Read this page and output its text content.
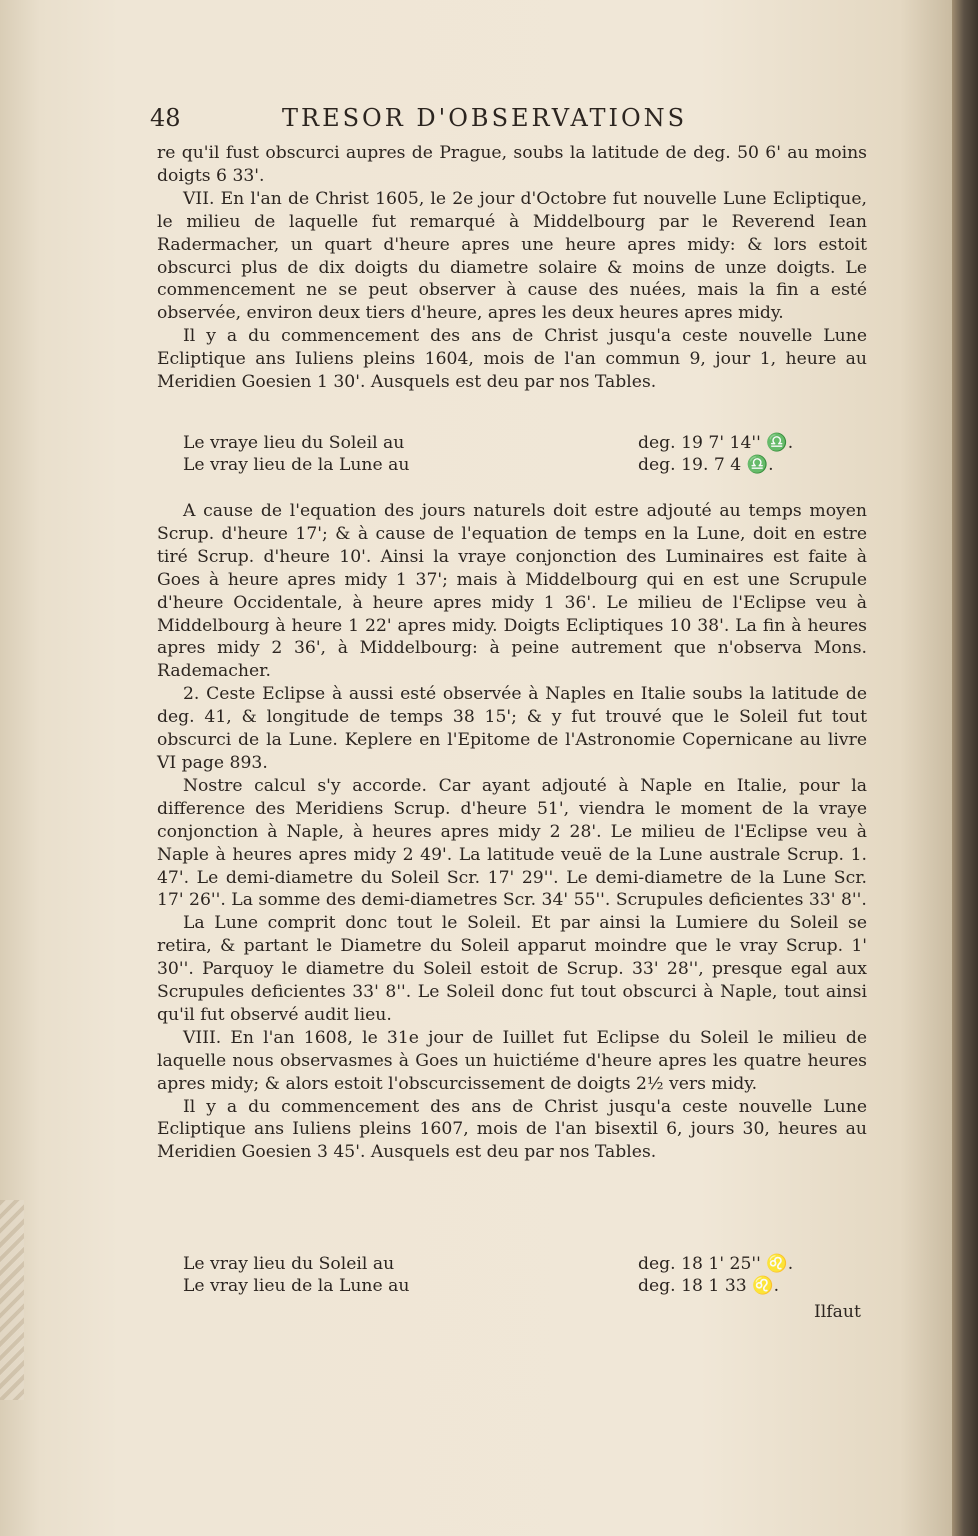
48	TRESOR D'OBSERVATIONS

re qu'il fust obscurci aupres de Prague, soubs la latitude de deg. 50 6' au moins doigts 6 33'.

VII. En l'an de Christ 1605, le 2e jour d'Octobre fut nouvelle Lune Ecliptique, le milieu de laquelle fut remarqué à Middelbourg par le Reverend Iean Radermacher, un quart d'heure apres une heure apres midy: & lors estoit obscurci plus de dix doigts du diametre solaire & moins de unze doigts. Le commencement ne se peut observer à cause des nuées, mais la fin a esté observée, environ deux tiers d'heure, apres les deux heures apres midy.

Il y a du commencement des ans de Christ jusqu'a ceste nouvelle Lune Ecliptique ans Iuliens pleins 1604, mois de l'an commun 9, jour 1, heure au Meridien Goesien 1 30'. Ausquels est deu par nos Tables.

Le vraye lieu du Soleil au	deg. 19 7' 14'' ♎.
Le vray lieu de la Lune au	deg. 19. 7 4 ♎.

A cause de l'equation des jours naturels doit estre adjouté au temps moyen Scrup. d'heure 17'; & à cause de l'equation de temps en la Lune, doit en estre tiré Scrup. d'heure 10'. Ainsi la vraye conjonction des Luminaires est faite à Goes à heure apres midy 1 37'; mais à Middelbourg qui en est une Scrupule d'heure Occidentale, à heure apres midy 1 36'. Le milieu de l'Eclipse veu à Middelbourg à heure 1 22' apres midy. Doigts Ecliptiques 10 38'. La fin à heures apres midy 2 36', à Middelbourg: à peine autrement que n'observa Mons. Rademacher.

2. Ceste Eclipse à aussi esté observée à Naples en Italie soubs la latitude de deg. 41, & longitude de temps 38 15'; & y fut trouvé que le Soleil fut tout obscurci de la Lune. Keplere en l'Epitome de l'Astronomie Copernicane au livre VI page 893.

Nostre calcul s'y accorde. Car ayant adjouté à Naple en Italie, pour la difference des Meridiens Scrup. d'heure 51', viendra le moment de la vraye conjonction à Naple, à heures apres midy 2 28'. Le milieu de l'Eclipse veu à Naple à heures apres midy 2 49'. La latitude veuë de la Lune australe Scrup. 1. 47'. Le demi-diametre du Soleil Scr. 17' 29''. Le demi-diametre de la Lune Scr. 17' 26''. La somme des demi-diametres Scr. 34' 55''. Scrupules deficientes 33' 8''.

La Lune comprit donc tout le Soleil. Et par ainsi la Lumiere du Soleil se retira, & partant le Diametre du Soleil apparut moindre que le vray Scrup. 1' 30''. Parquoy le diametre du Soleil estoit de Scrup. 33' 28'', presque egal aux Scrupules deficientes 33' 8''. Le Soleil donc fut tout obscurci à Naple, tout ainsi qu'il fut observé audit lieu.

VIII. En l'an 1608, le 31e jour de Iuillet fut Eclipse du Soleil le milieu de laquelle nous observasmes à Goes un huictiéme d'heure apres les quatre heures apres midy; & alors estoit l'obscurcissement de doigts 2½ vers midy.

Il y a du commencement des ans de Christ jusqu'a ceste nouvelle Lune Ecliptique ans Iuliens pleins 1607, mois de l'an bisextil 6, jours 30, heures au Meridien Goesien 3 45'. Ausquels est deu par nos Tables.

Le vray lieu du Soleil au	deg. 18 1' 25'' ♌.
Le vray lieu de la Lune au	deg. 18 1 33 ♌.
Ilfaut
